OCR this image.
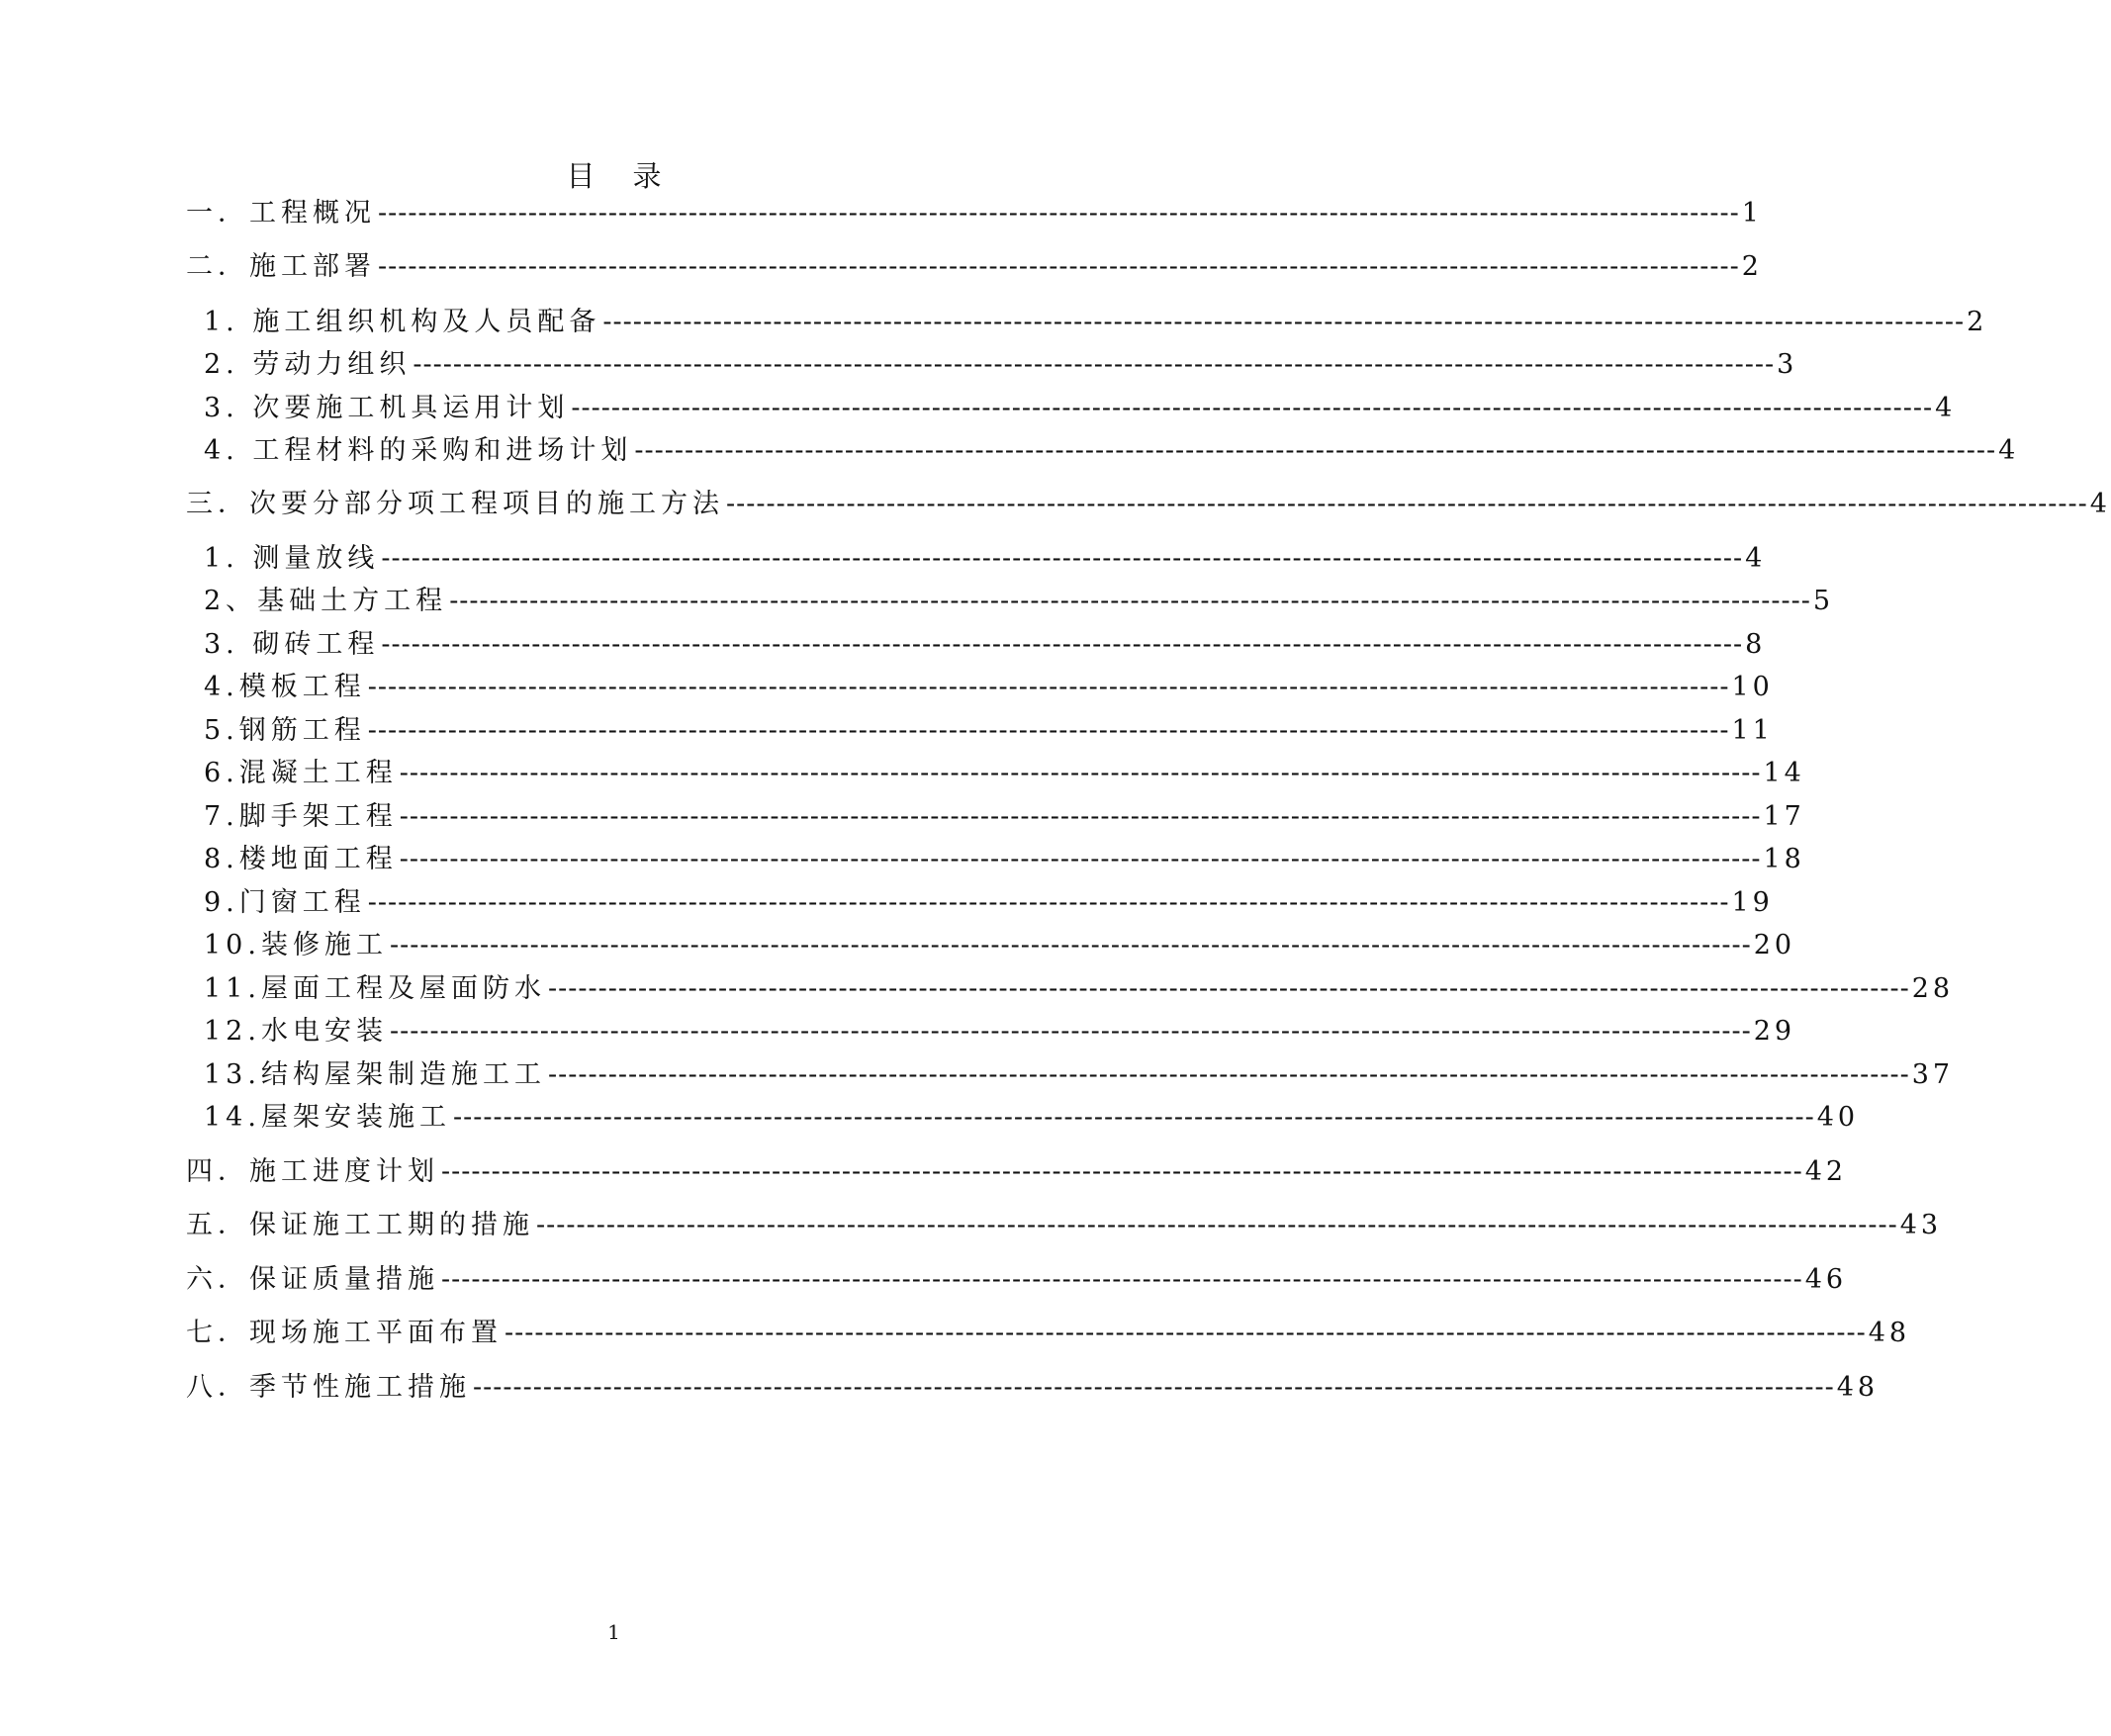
目录
一．工程概况 ---------------------------------------------------------------------------------------------------------------------------------------- 1
二．施工部署 ---------------------------------------------------------------------------------------------------------------------------------------- 2
1. 施工组织机构及人员配备 ---------------------------------------------------------------------------------------------------------------------------------------- 2
2. 劳动力组织 ---------------------------------------------------------------------------------------------------------------------------------------- 3
3. 次要施工机具运用计划 ---------------------------------------------------------------------------------------------------------------------------------------- 4
4. 工程材料的采购和进场计划 ---------------------------------------------------------------------------------------------------------------------------------------- 4
三．次要分部分项工程项目的施工方法 ---------------------------------------------------------------------------------------------------------------------------------------- 4
1. 测量放线 ---------------------------------------------------------------------------------------------------------------------------------------- 4
2、基础土方工程 ---------------------------------------------------------------------------------------------------------------------------------------- 5
3. 砌砖工程 ---------------------------------------------------------------------------------------------------------------------------------------- 8
4.模板工程 ---------------------------------------------------------------------------------------------------------------------------------------- 10
5.钢筋工程 ---------------------------------------------------------------------------------------------------------------------------------------- 11
6.混凝土工程 ---------------------------------------------------------------------------------------------------------------------------------------- 14
7.脚手架工程 ---------------------------------------------------------------------------------------------------------------------------------------- 17
8.楼地面工程 ---------------------------------------------------------------------------------------------------------------------------------------- 18
9.门窗工程 ---------------------------------------------------------------------------------------------------------------------------------------- 19
10.装修施工 ---------------------------------------------------------------------------------------------------------------------------------------- 20
11.屋面工程及屋面防水 ---------------------------------------------------------------------------------------------------------------------------------------- 28
12.水电安装 ---------------------------------------------------------------------------------------------------------------------------------------- 29
13.结构屋架制造施工工 ---------------------------------------------------------------------------------------------------------------------------------------- 37
14.屋架安装施工 ---------------------------------------------------------------------------------------------------------------------------------------- 40
四．施工进度计划 ---------------------------------------------------------------------------------------------------------------------------------------- 42
五．保证施工工期的措施 ---------------------------------------------------------------------------------------------------------------------------------------- 43
六．保证质量措施 ---------------------------------------------------------------------------------------------------------------------------------------- 46
七．现场施工平面布置 ---------------------------------------------------------------------------------------------------------------------------------------- 48
八．季节性施工措施 ---------------------------------------------------------------------------------------------------------------------------------------- 48
1
